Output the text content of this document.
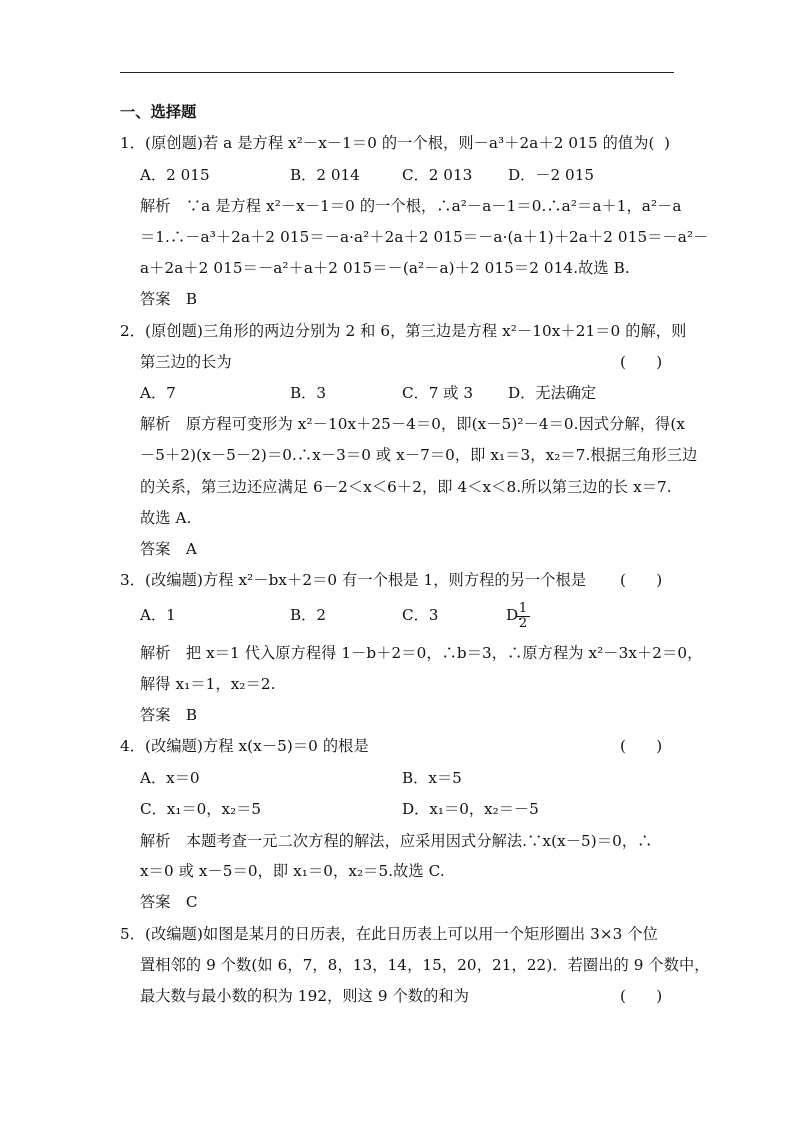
一、选择题
1．(原创题)若 a 是方程 x²－x－1＝0 的一个根，则－a³＋2a＋2 015 的值为( )
A．2 015	B．2 014	C．2 013 D．－2 015
解析　∵a 是方程 x²－x－1＝0 的一个根，∴a²－a－1＝0.∴a²＝a＋1，a²－a
＝1.∴－a³＋2a＋2 015＝－a·a²＋2a＋2 015＝－a·(a＋1)＋2a＋2 015＝－a²－
a＋2a＋2 015＝－a²＋a＋2 015＝－(a²－a)＋2 015＝2 014.故选 B.
答案　B
2．(原创题)三角形的两边分别为 2 和 6，第三边是方程 x²－10x＋21＝0 的解，则
第三边的长为	(　　)
A．7	B．3	C．7 或 3 D．无法确定
解析　原方程可变形为 x²－10x＋25－4＝0，即(x－5)²－4＝0.因式分解，得(x
－5＋2)(x－5－2)＝0.∴x－3＝0 或 x－7＝0，即 x₁＝3，x₂＝7.根据三角形三边
的关系，第三边还应满足 6－2＜x＜6＋2，即 4＜x＜8.所以第三边的长 x＝7.
故选 A.
答案　A
3．(改编题)方程 x²－bx＋2＝0 有一个根是 1，则方程的另一个根是 (　　)
A．1	B．2	C．3	D.
$\frac{1}{2}$
解析　把 x＝1 代入原方程得 1－b＋2＝0，∴b＝3，∴原方程为 x²－3x＋2＝0，
解得 x₁＝1，x₂＝2.
答案　B
4．(改编题)方程 x(x－5)＝0 的根是	(　　)
A．x＝0	B．x＝5
C．x₁＝0，x₂＝5	D．x₁＝0，x₂＝－5
解析　本题考查一元二次方程的解法，应采用因式分解法.∵x(x－5)＝0，∴
x＝0 或 x－5＝0，即 x₁＝0，x₂＝5.故选 C.
答案　C
5．(改编题)如图是某月的日历表，在此日历表上可以用一个矩形圈出 3×3 个位
置相邻的 9 个数(如 6，7，8，13，14，15，20，21，22)．若圈出的 9 个数中，
最大数与最小数的积为 192，则这 9 个数的和为	(　　)
